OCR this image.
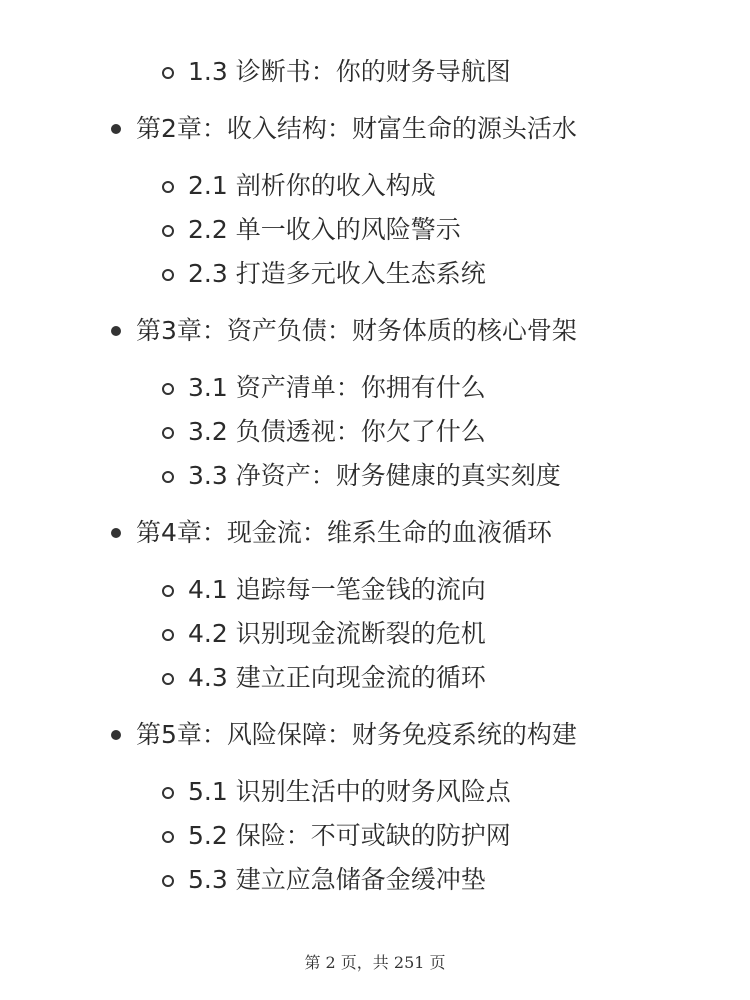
1.3 诊断书：你的财务导航图
第2章：收入结构：财富生命的源头活水
2.1 剖析你的收入构成
2.2 单一收入的风险警示
2.3 打造多元收入生态系统
第3章：资产负债：财务体质的核心骨架
3.1 资产清单：你拥有什么
3.2 负债透视：你欠了什么
3.3 净资产：财务健康的真实刻度
第4章：现金流：维系生命的血液循环
4.1 追踪每一笔金钱的流向
4.2 识别现金流断裂的危机
4.3 建立正向现金流的循环
第5章：风险保障：财务免疫系统的构建
5.1 识别生活中的财务风险点
5.2 保险：不可或缺的防护网
5.3 建立应急储备金缓冲垫
第 2 页，共 251 页
